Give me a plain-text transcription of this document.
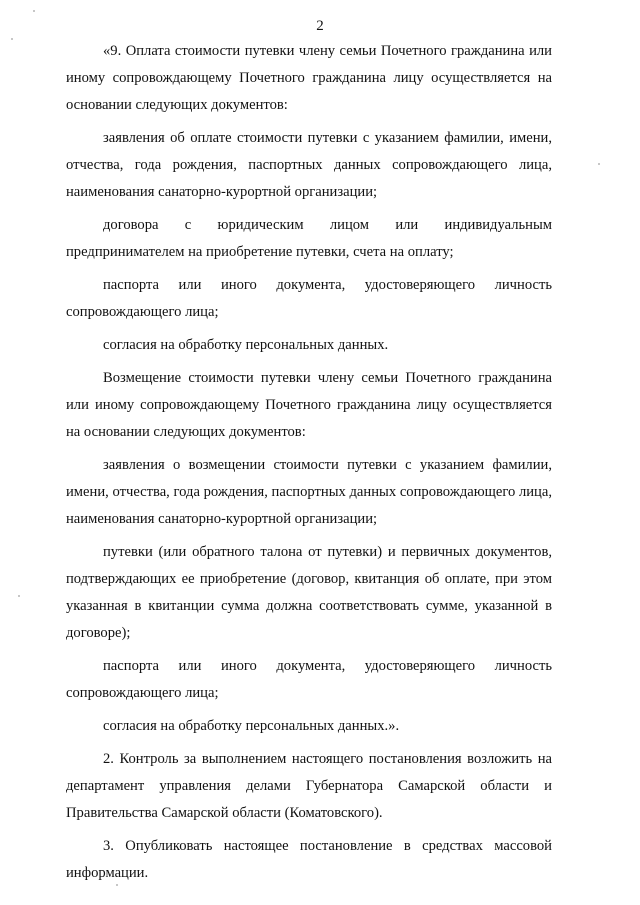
2

«9. Оплата стоимости путевки члену семьи Почетного гражданина или иному сопровождающему Почетного гражданина лицу осуществляется на основании следующих документов:

заявления об оплате стоимости путевки с указанием фамилии, имени, отчества, года рождения, паспортных данных сопровождающего лица, наименования санаторно-курортной организации;

договора с юридическим лицом или индивидуальным предпринимателем на приобретение путевки, счета на оплату;

паспорта или иного документа, удостоверяющего личность сопровождающего лица;

согласия на обработку персональных данных.

Возмещение стоимости путевки члену семьи Почетного гражданина или иному сопровождающему Почетного гражданина лицу осуществляется на основании следующих документов:

заявления о возмещении стоимости путевки с указанием фамилии, имени, отчества, года рождения, паспортных данных сопровождающего лица, наименования санаторно-курортной организации;

путевки (или обратного талона от путевки) и первичных документов, подтверждающих ее приобретение (договор, квитанция об оплате, при этом указанная в квитанции сумма должна соответствовать сумме, указанной в договоре);

паспорта или иного документа, удостоверяющего личность сопровождающего лица;

согласия на обработку персональных данных.».

2. Контроль за выполнением настоящего постановления возложить на департамент управления делами Губернатора Самарской области и Правительства Самарской области (Коматовского).

3. Опубликовать настоящее постановление в средствах массовой информации.
